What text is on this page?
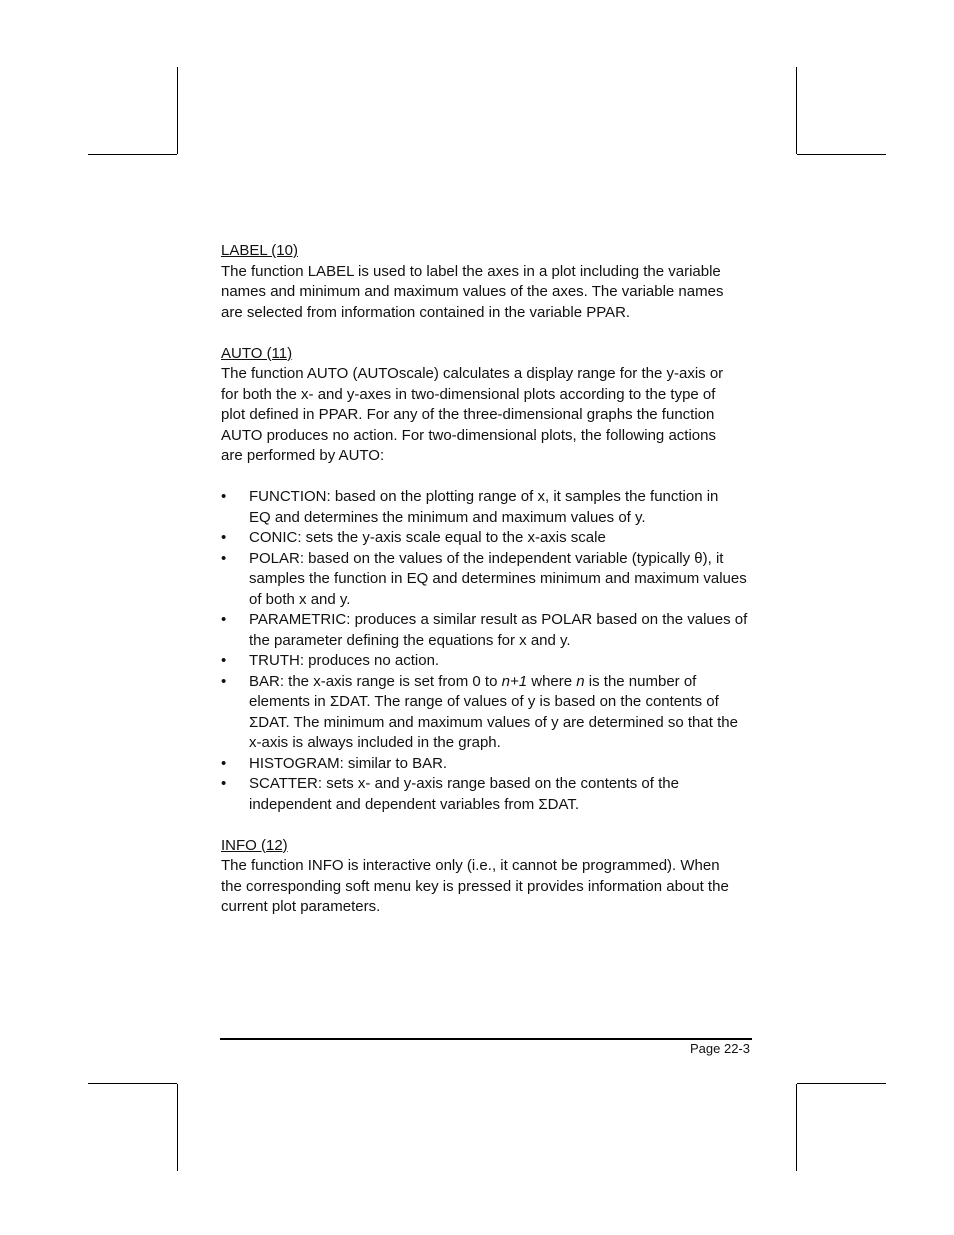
LABEL (10)

The function LABEL is used to label the axes in a plot including the variable

names and minimum and maximum values of the axes. The variable names

are selected from information contained in the variable PPAR.

AUTO (11)

The function AUTO (AUTOscale) calculates a display range for the y-axis or

for both the x- and y-axes in two-dimensional plots according to the type of

plot defined in PPAR. For any of the three-dimensional graphs the function

AUTO produces no action. For two-dimensional plots, the following actions

are performed by AUTO:

• FUNCTION: based on the plotting range of x, it samples the function in
EQ and determines the minimum and maximum values of y.
• CONIC: sets the y-axis scale equal to the x-axis scale
• POLAR: based on the values of the independent variable (typically θ), it
samples the function in EQ and determines minimum and maximum values
of both x and y.
• PARAMETRIC: produces a similar result as POLAR based on the values of
the parameter defining the equations for x and y.
• TRUTH: produces no action.
• BAR: the x-axis range is set from 0 to n+1 where n is the number of
elements in ΣDAT. The range of values of y is based on the contents of
ΣDAT. The minimum and maximum values of y are determined so that the
x-axis is always included in the graph.
• HISTOGRAM: similar to BAR.
• SCATTER: sets x- and y-axis range based on the contents of the
independent and dependent variables from ΣDAT.

INFO (12)

The function INFO is interactive only (i.e., it cannot be programmed). When

the corresponding soft menu key is pressed it provides information about the

current plot parameters.

Page 22-3
